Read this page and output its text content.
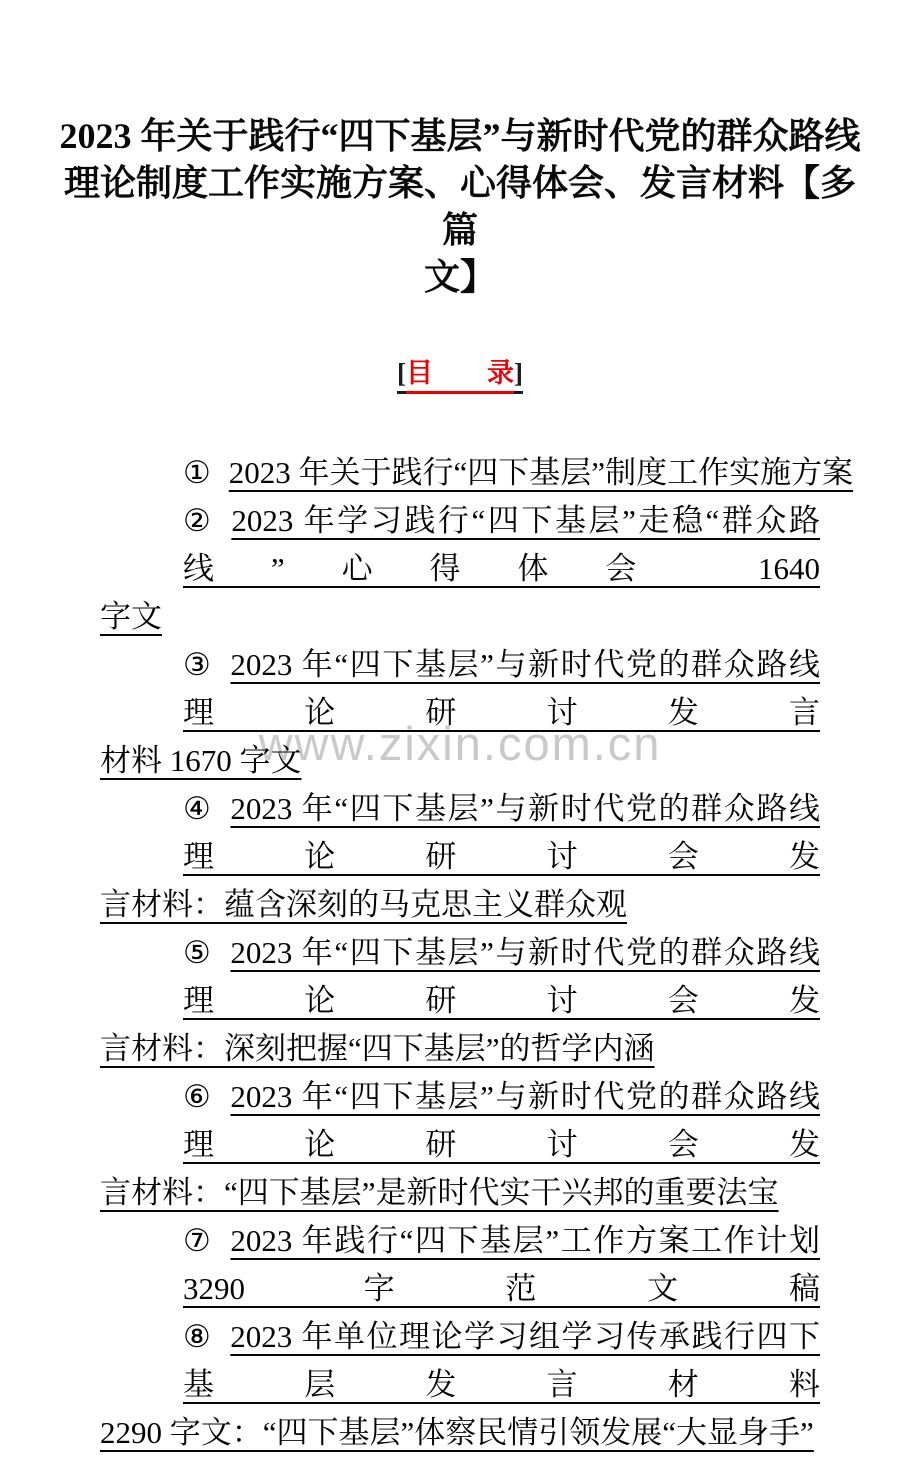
www.zixin.com.cn
2023 年关于践行“四下基层”与新时代党的群众路线
理论制度工作实施方案、心得体会、发言材料【多篇
文】
[目　　录]
① 2023 年关于践行“四下基层”制度工作实施方案
② 2023 年学习践行“四下基层”走稳“群众路线”心得体会 1640
字文
③ 2023 年“四下基层”与新时代党的群众路线理论研讨发言
材料 1670 字文
④ 2023 年“四下基层”与新时代党的群众路线理论研讨会发
言材料：蕴含深刻的马克思主义群众观
⑤ 2023 年“四下基层”与新时代党的群众路线理论研讨会发
言材料：深刻把握“四下基层”的哲学内涵
⑥ 2023 年“四下基层”与新时代党的群众路线理论研讨会发
言材料：“四下基层”是新时代实干兴邦的重要法宝
⑦ 2023 年践行“四下基层”工作方案工作计划 3290 字范文稿
⑧ 2023 年单位理论学习组学习传承践行四下基层发言材料
2290 字文：“四下基层”体察民情引领发展“大显身手”
